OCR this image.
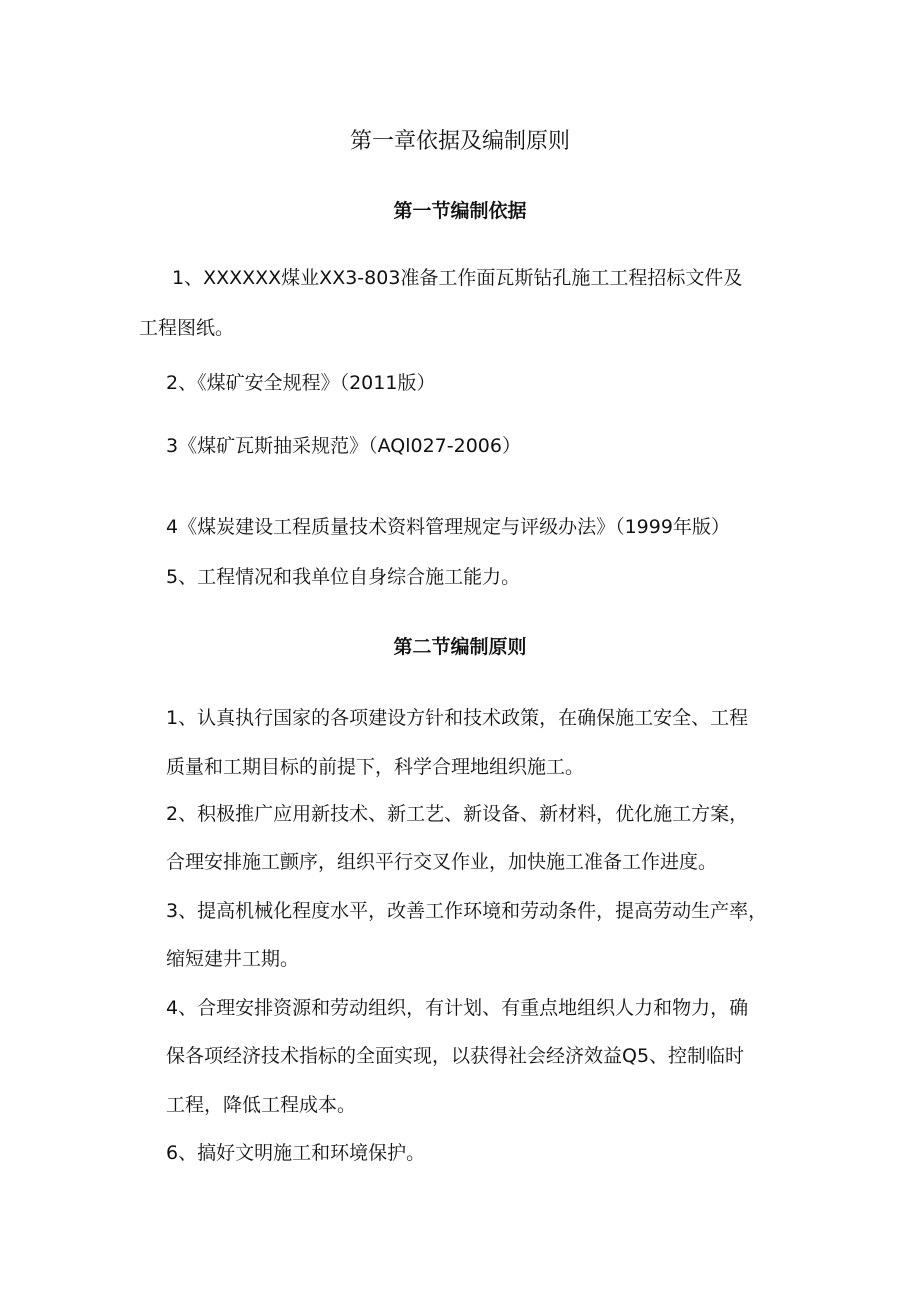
第一章依据及编制原则
第一节编制依据

1、XXXXXX煤业XX3-803准备工作面瓦斯钻孔施工工程招标文件及

工程图纸。

2、《煤矿安全规程》（2011版）

3《煤矿瓦斯抽采规范》（AQl027-2006）

4《煤炭建设工程质量技术资料管理规定与评级办法》（1999年版）

5、工程情况和我单位自身综合施工能力。

第二节编制原则

1、认真执行国家的各项建设方针和技术政策，在确保施工安全、工程

质量和工期目标的前提下，科学合理地组织施工。

2、积极推广应用新技术、新工艺、新设备、新材料，优化施工方案，

合理安排施工颤序，组织平行交叉作业，加快施工准备工作进度。

3、提高机械化程度水平，改善工作环境和劳动条件，提高劳动生产率，

缩短建井工期。

4、合理安排资源和劳动组织，有计划、有重点地组织人力和物力，确

保各项经济技术指标的全面实现，以获得社会经济效益Q5、控制临时

工程，降低工程成本。

6、搞好文明施工和环境保护。
